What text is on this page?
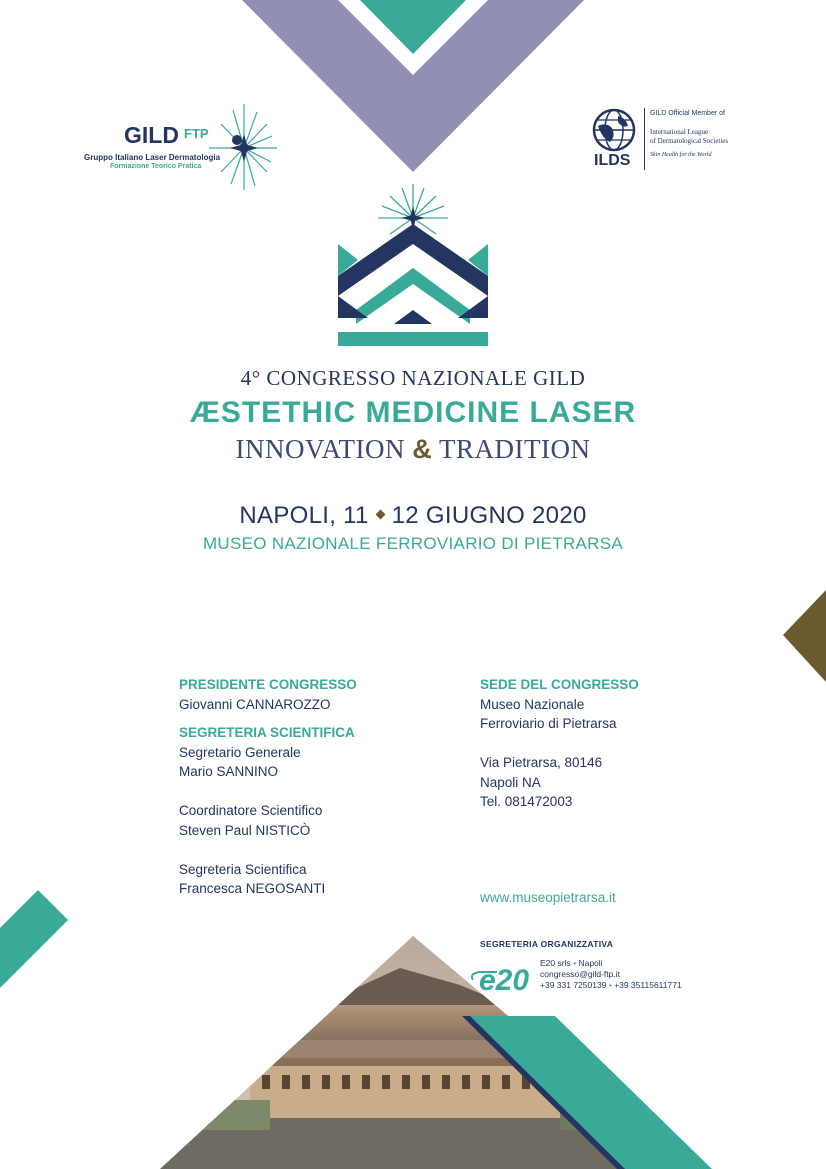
GILD FTP
Gruppo Italiano Laser Dermatologia
Formazione Teorico Pratica	ILDS
GILD Official Member of
International League
of Dermatological Societies
Skin Health for the World
4° CONGRESSO NAZIONALE GILD
ÆSTETHIC MEDICINE LASER
INNOVATION & TRADITION
NAPOLI, 11 12 GIUGNO 2020
MUSEO NAZIONALE FERROVIARIO DI PIETRARSA
PRESIDENTE CONGRESSO
Giovanni CANNAROZZO
SEGRETERIA SCIENTIFICA
Segretario Generale
Mario SANNINO
Coordinatore Scientifico
Steven Paul NISTICÒ
Segreteria Scientifica
Francesca NEGOSANTI
SEDE DEL CONGRESSO
Museo Nazionale
Ferroviario di Pietrarsa
Via Pietrarsa, 80146
Napoli NA
Tel. 081472003
www.museopietrarsa.it
SEGRETERIA ORGANIZZATIVA
e20
E20 srls • Napoli
congresso@gild-ftp.it
+39 331 7250139 • +39 35115611771
